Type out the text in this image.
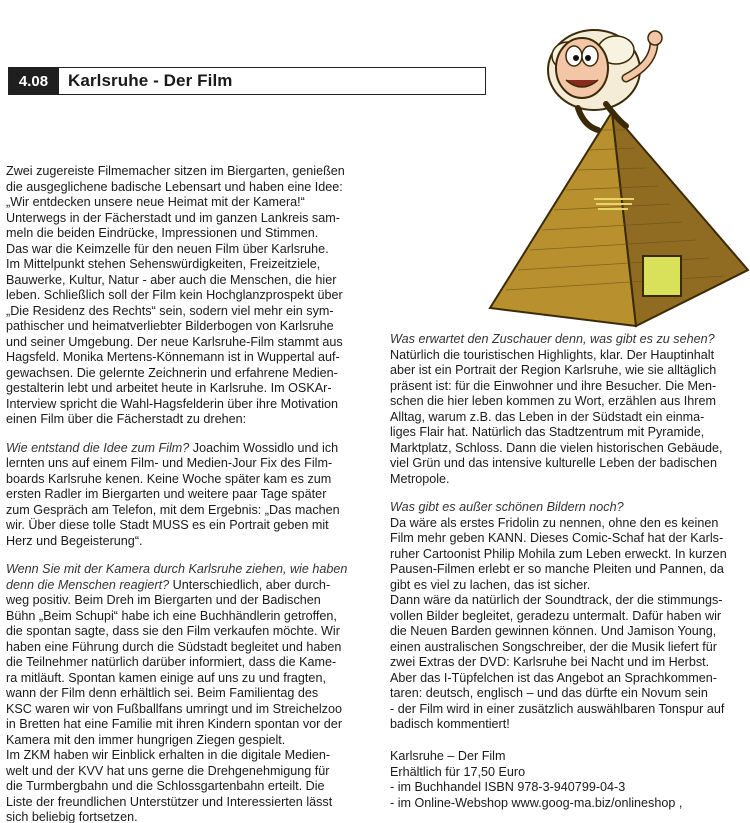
4.08	Karlsruhe - Der Film
Zwei zugereiste Filmemacher sitzen im Biergarten, genießen
die ausgeglichene badische Lebensart und haben eine Idee:
„Wir entdecken unsere neue Heimat mit der Kamera!“
Unterwegs in der Fächerstadt und im ganzen Lankreis sam-
meln die beiden Eindrücke, Impressionen und Stimmen.
Das war die Keimzelle für den neuen Film über Karlsruhe.
Im Mittelpunkt stehen Sehenswürdigkeiten, Freizeitziele,
Bauwerke, Kultur, Natur - aber auch die Menschen, die hier
leben. Schließlich soll der Film kein Hochglanzprospekt über
„Die Residenz des Rechts“ sein, sodern viel mehr ein sym-
pathischer und heimatverliebter Bilderbogen von Karlsruhe
und seiner Umgebung. Der neue Karlsruhe-Film stammt aus
Hagsfeld. Monika Mertens-Könnemann ist in Wuppertal auf-
gewachsen. Die gelernte Zeichnerin und erfahrene Medien-
gestalterin lebt und arbeitet heute in Karlsruhe. Im OSKAr-
Interview spricht die Wahl-Hagsfelderin über ihre Motivation
einen Film über die Fächerstadt zu drehen:
Wie entstand die Idee zum Film? Joachim Wossidlo und ich
lernten uns auf einem Film- und Medien-Jour Fix des Film-
boards Karlsruhe kenen. Keine Woche später kam es zum
ersten Radler im Biergarten und weitere paar Tage später
zum Gespräch am Telefon, mit dem Ergebnis: „Das machen
wir. Über diese tolle Stadt MUSS es ein Portrait geben mit
Herz und Begeisterung“.
Wenn Sie mit der Kamera durch Karlsruhe ziehen, wie haben
denn die Menschen reagiert? Unterschiedlich, aber durch-
weg positiv. Beim Dreh im Biergarten und der Badischen
Bühn „Beim Schupi“ habe ich eine Buchhändlerin getroffen,
die spontan sagte, dass sie den Film verkaufen möchte. Wir
haben eine Führung durch die Südstadt begleitet und haben
die Teilnehmer natürlich darüber informiert, dass die Kame-
ra mitläuft. Spontan kamen einige auf uns zu und fragten,
wann der Film denn erhältlich sei. Beim Familientag des
KSC waren wir von Fußballfans umringt und im Streichelzoo
in Bretten hat eine Familie mit ihren Kindern spontan vor der
Kamera mit den immer hungrigen Ziegen gespielt.
Im ZKM haben wir Einblick erhalten in die digitale Medien-
welt und der KVV hat uns gerne die Drehgenehmigung für
die Turmbergbahn und die Schlossgartenbahn erteilt. Die
Liste der freundlichen Unterstützer und Interessierten lässt
sich beliebig fortsetzen.
Was erwartet den Zuschauer denn, was gibt es zu sehen?
Natürlich die touristischen Highlights, klar. Der Hauptinhalt
aber ist ein Portrait der Region Karlsruhe, wie sie alltäglich
präsent ist: für die Einwohner und ihre Besucher. Die Men-
schen die hier leben kommen zu Wort, erzählen aus Ihrem
Alltag, warum z.B. das Leben in der Südstadt ein einma-
liges Flair hat. Natürlich das Stadtzentrum mit Pyramide,
Marktplatz, Schloss. Dann die vielen historischen Gebäude,
viel Grün und das intensive kulturelle Leben der badischen
Metropole.
Was gibt es außer schönen Bildern noch?
Da wäre als erstes Fridolin zu nennen, ohne den es keinen
Film mehr geben KANN. Dieses Comic-Schaf hat der Karls-
ruher Cartoonist Philip Mohila zum Leben erweckt. In kurzen
Pausen-Filmen erlebt er so manche Pleiten und Pannen, da
gibt es viel zu lachen, das ist sicher.
Dann wäre da natürlich der Soundtrack, der die stimmungs-
vollen Bilder begleitet, geradezu untermalt. Dafür haben wir
die Neuen Barden gewinnen können. Und Jamison Young,
einen australischen Songschreiber, der die Musik liefert für
zwei Extras der DVD: Karlsruhe bei Nacht und im Herbst.
Aber das I-Tüpfelchen ist das Angebot an Sprachkommen-
taren: deutsch, englisch – und das dürfte ein Novum sein
- der Film wird in einer zusätzlich auswählbaren Tonspur auf
badisch kommentiert!
Karlsruhe – Der Film
Erhältlich für 17,50 Euro
- im Buchhandel ISBN 978-3-940799-04-3
- im Online-Webshop www.goog-ma.biz/onlineshop ,
